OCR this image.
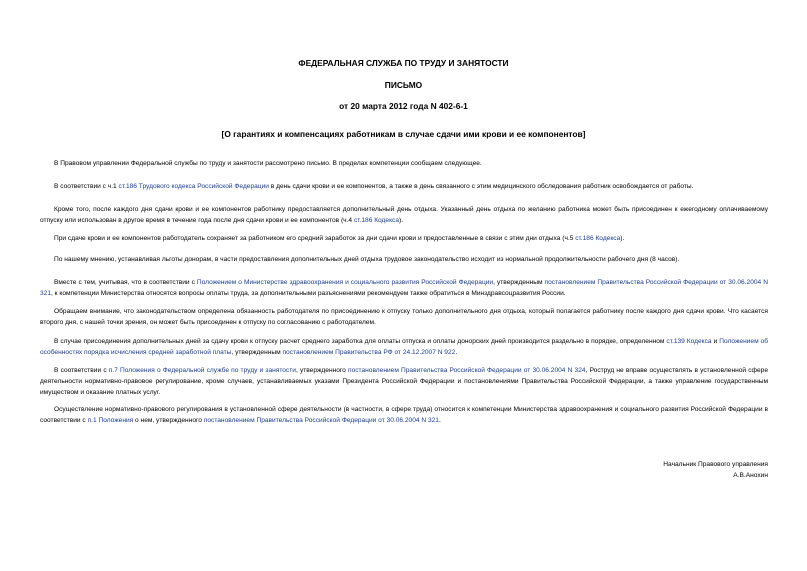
ФЕДЕРАЛЬНАЯ СЛУЖБА ПО ТРУДУ И ЗАНЯТОСТИ
ПИСЬМО
от 20 марта 2012 года N 402-6-1
[О гарантиях и компенсациях работникам в случае сдачи ими крови и ее компонентов]
В Правовом управлении Федеральной службы по труду и занятости рассмотрено письмо. В пределах компетенции сообщаем следующее.
В соответствии с ч.1 ст.186 Трудового кодекса Российской Федерации в день сдачи крови и ее компонентов, а также в день связанного с этим медицинского обследования работник освобождается от работы.
Кроме того, после каждого дня сдачи крови и ее компонентов работнику предоставляется дополнительный день отдыха. Указанный день отдыха по желанию работника может быть присоединен к ежегодному оплачиваемому отпуску или использован в другое время в течение года после дня сдачи крови и ее компонентов (ч.4 ст.186 Кодекса).
При сдаче крови и ее компонентов работодатель сохраняет за работником его средний заработок за дни сдачи крови и предоставленные в связи с этим дни отдыха (ч.5 ст.186 Кодекса).
По нашему мнению, устанавливая льготы донорам, в части предоставления дополнительных дней отдыха трудовое законодательство исходит из нормальной продолжительности рабочего дня (8 часов).
Вместе с тем, учитывая, что в соответствии с Положением о Министерстве здравоохранения и социального развития Российской Федерации, утвержденным постановлением Правительства Российской Федерации от 30.06.2004 N 321, к компетенции Министерства относятся вопросы оплаты труда, за дополнительными разъяснениями рекомендуем также обратиться в Минздравсоцразвития России.
Обращаем внимание, что законодательством определена обязанность работодателя по присоединению к отпуску только дополнительного дня отдыха, который полагается работнику после каждого дня сдачи крови. Что касается второго дня, с нашей точки зрения, он может быть присоединен к отпуску по согласованию с работодателем.
В случае присоединения дополнительных дней за сдачу крови к отпуску расчет среднего заработка для оплаты отпуска и оплаты донорских дней производится раздельно в порядке, определенном ст.139 Кодекса и Положением об особенностях порядка исчисления средней заработной платы, утвержденным постановлением Правительства РФ от 24.12.2007 N 922.
В соответствии с п.7 Положения о Федеральной службе по труду и занятости, утвержденного постановлением Правительства Российской Федерации от 30.06.2004 N 324, Роструд не вправе осуществлять в установленной сфере деятельности нормативно-правовое регулирование, кроме случаев, устанавливаемых указами Президента Российской Федерации и постановлениями Правительства Российской Федерации, а также управление государственным имуществом и оказание платных услуг.
Осуществление нормативно-правового регулирования в установленной сфере деятельности (в частности, в сфере труда) относится к компетенции Министерства здравоохранения и социального развития Российской Федерации в соответствии с п.1 Положения о нем, утвержденного постановлением Правительства Российской Федерации от 30.06.2004 N 321.
Начальник Правового управления
А.В.Анохин
